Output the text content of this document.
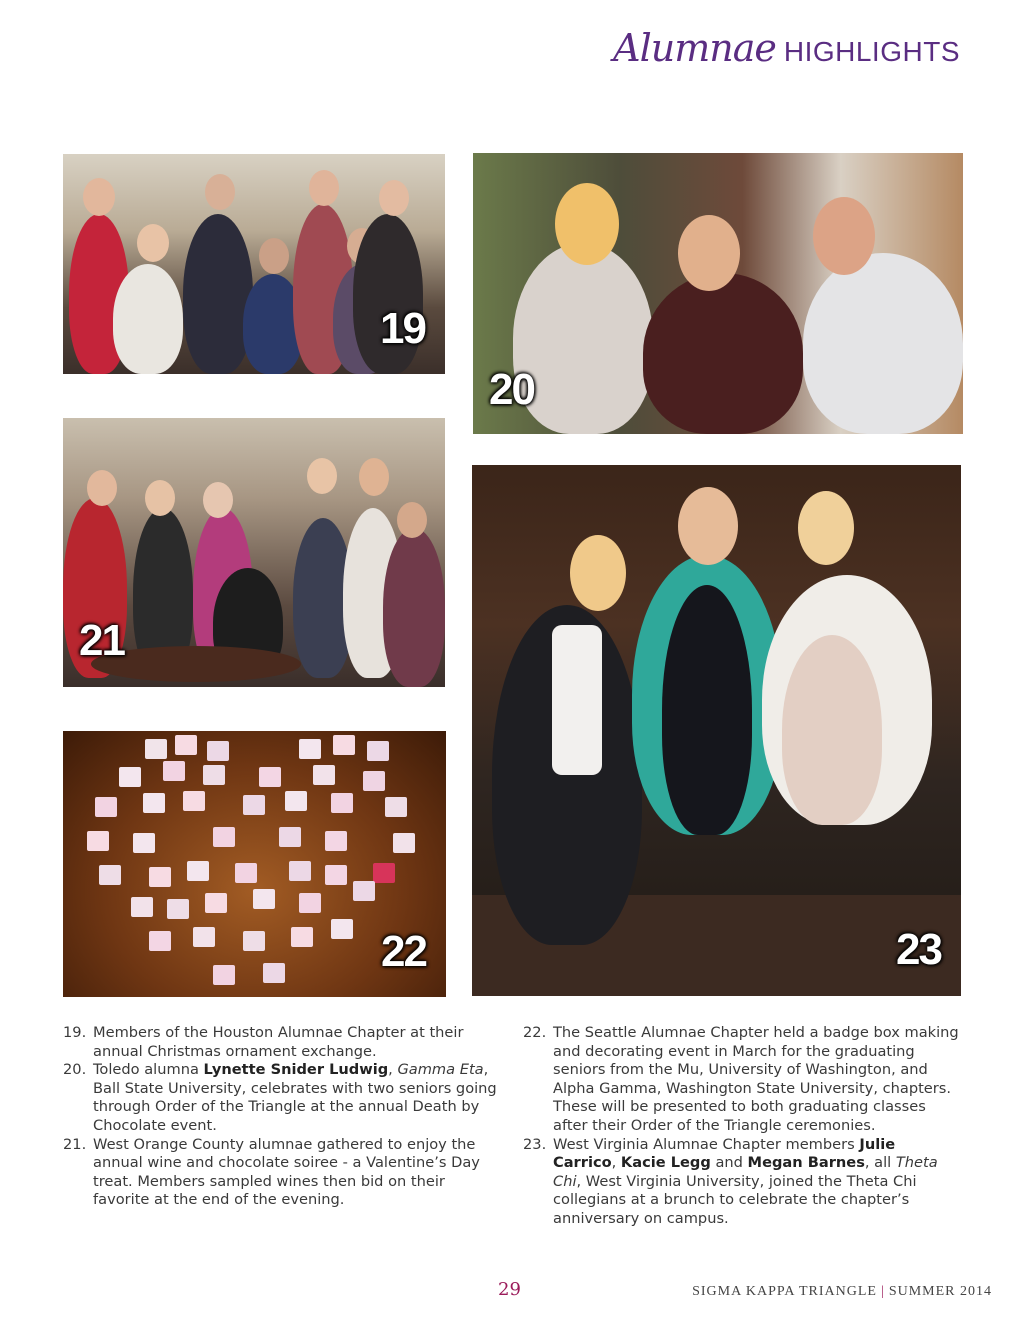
Alumnae HIGHLIGHTS
19
20
21
22	23
19. Members of the Houston Alumnae Chapter at their annual Christmas ornament exchange.
20. Toledo alumna Lynette Snider Ludwig, Gamma Eta, Ball State University, celebrates with two seniors going through Order of the Triangle at the annual Death by Chocolate event.
21. West Orange County alumnae gathered to enjoy the annual wine and chocolate soiree - a Valentine’s Day treat. Members sampled wines then bid on their favorite at the end of the evening.
22. The Seattle Alumnae Chapter held a badge box making and decorating event in March for the graduating seniors from the Mu, University of Washington, and Alpha Gamma, Washington State University, chapters. These will be presented to both graduating classes after their Order of the Triangle ceremonies.
23. West Virginia Alumnae Chapter members Julie Carrico, Kacie Legg and Megan Barnes, all Theta Chi, West Virginia University, joined the Theta Chi collegians at a brunch to celebrate the chapter’s anniversary on campus.
29	SIGMA KAPPA TRIANGLE | SUMMER 2014
